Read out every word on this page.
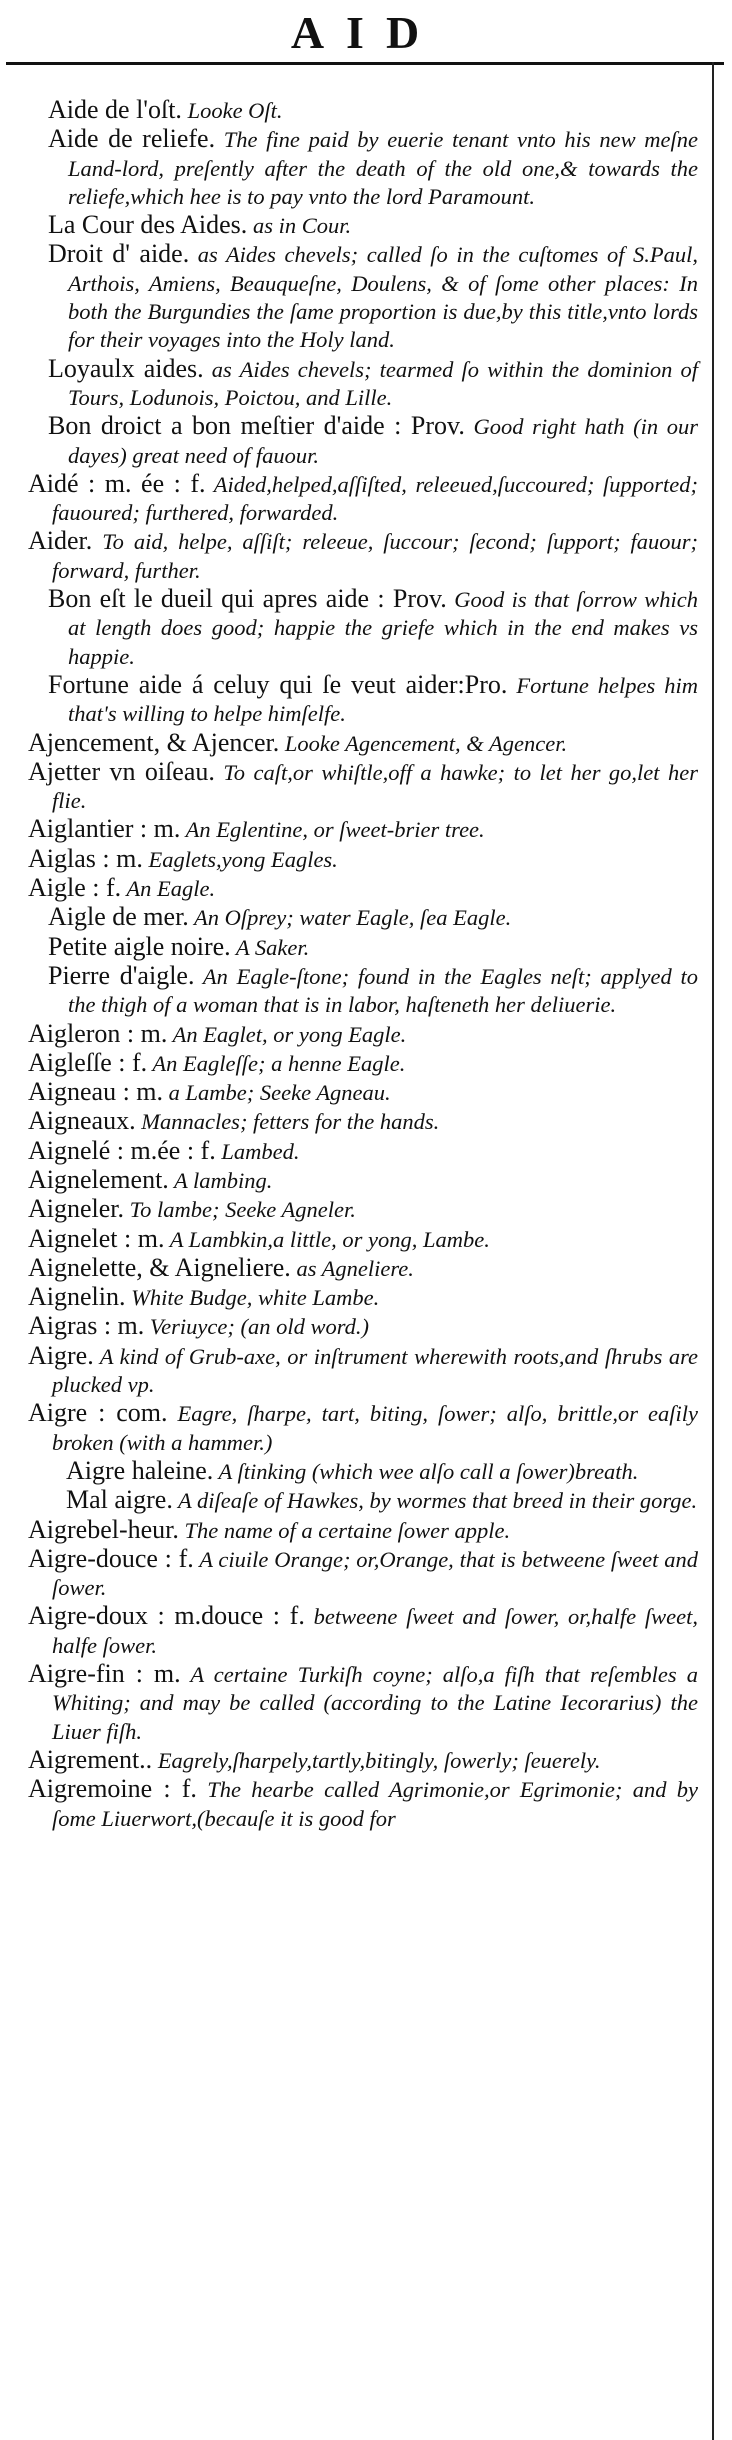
AID

Aide de l'oſt. Looke Oſt.

Aide de reliefe. The fine paid by euerie tenant vnto his new meſne Land-lord, preſently after the death of the old one,& towards the reliefe,which hee is to pay vnto the lord Paramount.

La Cour des Aides. as in Cour.

Droit d' aide. as Aides chevels; called ſo in the cuſtomes of S.Paul, Arthois, Amiens, Beauqueſne, Doulens, & of ſome other places: In both the Burgundies the ſame proportion is due,by this title,vnto lords for their voyages into the Holy land.

Loyaulx aides. as Aides chevels; tearmed ſo within the dominion of Tours, Lodunois, Poictou, and Lille.

Bon droict a bon meſtier d'aide : Prov. Good right hath (in our dayes) great need of fauour.

Aidé : m. ée : f. Aided,helped,aſſiſted, releeued,ſuccoured; ſupported; fauoured; furthered, forwarded.

Aider. To aid, helpe, aſſiſt; releeue, ſuccour; ſecond; ſupport; fauour; forward, further.

Bon eſt le dueil qui apres aide : Prov. Good is that ſorrow which at length does good; happie the griefe which in the end makes vs happie.

Fortune aide á celuy qui ſe veut aider:Pro. Fortune helpes him that's willing to helpe himſelfe.

Ajencement, & Ajencer. Looke Agencement, & Agencer.

Ajetter vn oiſeau. To caſt,or whiſtle,off a hawke; to let her go,let her flie.

Aiglantier : m. An Eglentine, or ſweet-brier tree.

Aiglas : m. Eaglets,yong Eagles.

Aigle : f. An Eagle.

Aigle de mer. An Oſprey; water Eagle, ſea Eagle.

Petite aigle noire. A Saker.

Pierre d'aigle. An Eagle-ſtone; found in the Eagles neſt; applyed to the thigh of a woman that is in labor, haſteneth her deliuerie.

Aigleron : m. An Eaglet, or yong Eagle.

Aigleſſe : f. An Eagleſſe; a henne Eagle.

Aigneau : m. a Lambe; Seeke Agneau.

Aigneaux. Mannacles; fetters for the hands.

Aignelé : m.ée : f. Lambed.

Aignelement. A lambing.

Aigneler. To lambe; Seeke Agneler.

Aignelet : m. A Lambkin,a little, or yong, Lambe.

Aignelette, & Aigneliere. as Agneliere.

Aignelin. White Budge, white Lambe.

Aigras : m. Veriuyce; (an old word.)

Aigre. A kind of Grub-axe, or inſtrument wherewith roots,and ſhrubs are plucked vp.

Aigre : com. Eagre, ſharpe, tart, biting, ſower; alſo, brittle,or eaſily broken (with a hammer.)

Aigre haleine. A ſtinking (which wee alſo call a ſower)breath.

Mal aigre. A diſeaſe of Hawkes, by wormes that breed in their gorge.

Aigrebel-heur. The name of a certaine ſower apple.

Aigre-douce : f. A ciuile Orange; or,Orange, that is betweene ſweet and ſower.

Aigre-doux : m.douce : f. betweene ſweet and ſower, or,halfe ſweet, halfe ſower.

Aigre-fin : m. A certaine Turkiſh coyne; alſo,a fiſh that reſembles a Whiting; and may be called (according to the Latine Iecorarius) the Liuer fiſh.

Aigrement.. Eagrely,ſharpely,tartly,bitingly, ſowerly; ſeuerely.

Aigremoine : f. The hearbe called Agrimonie,or Egrimonie; and by ſome Liuerwort,(becauſe it is good for
